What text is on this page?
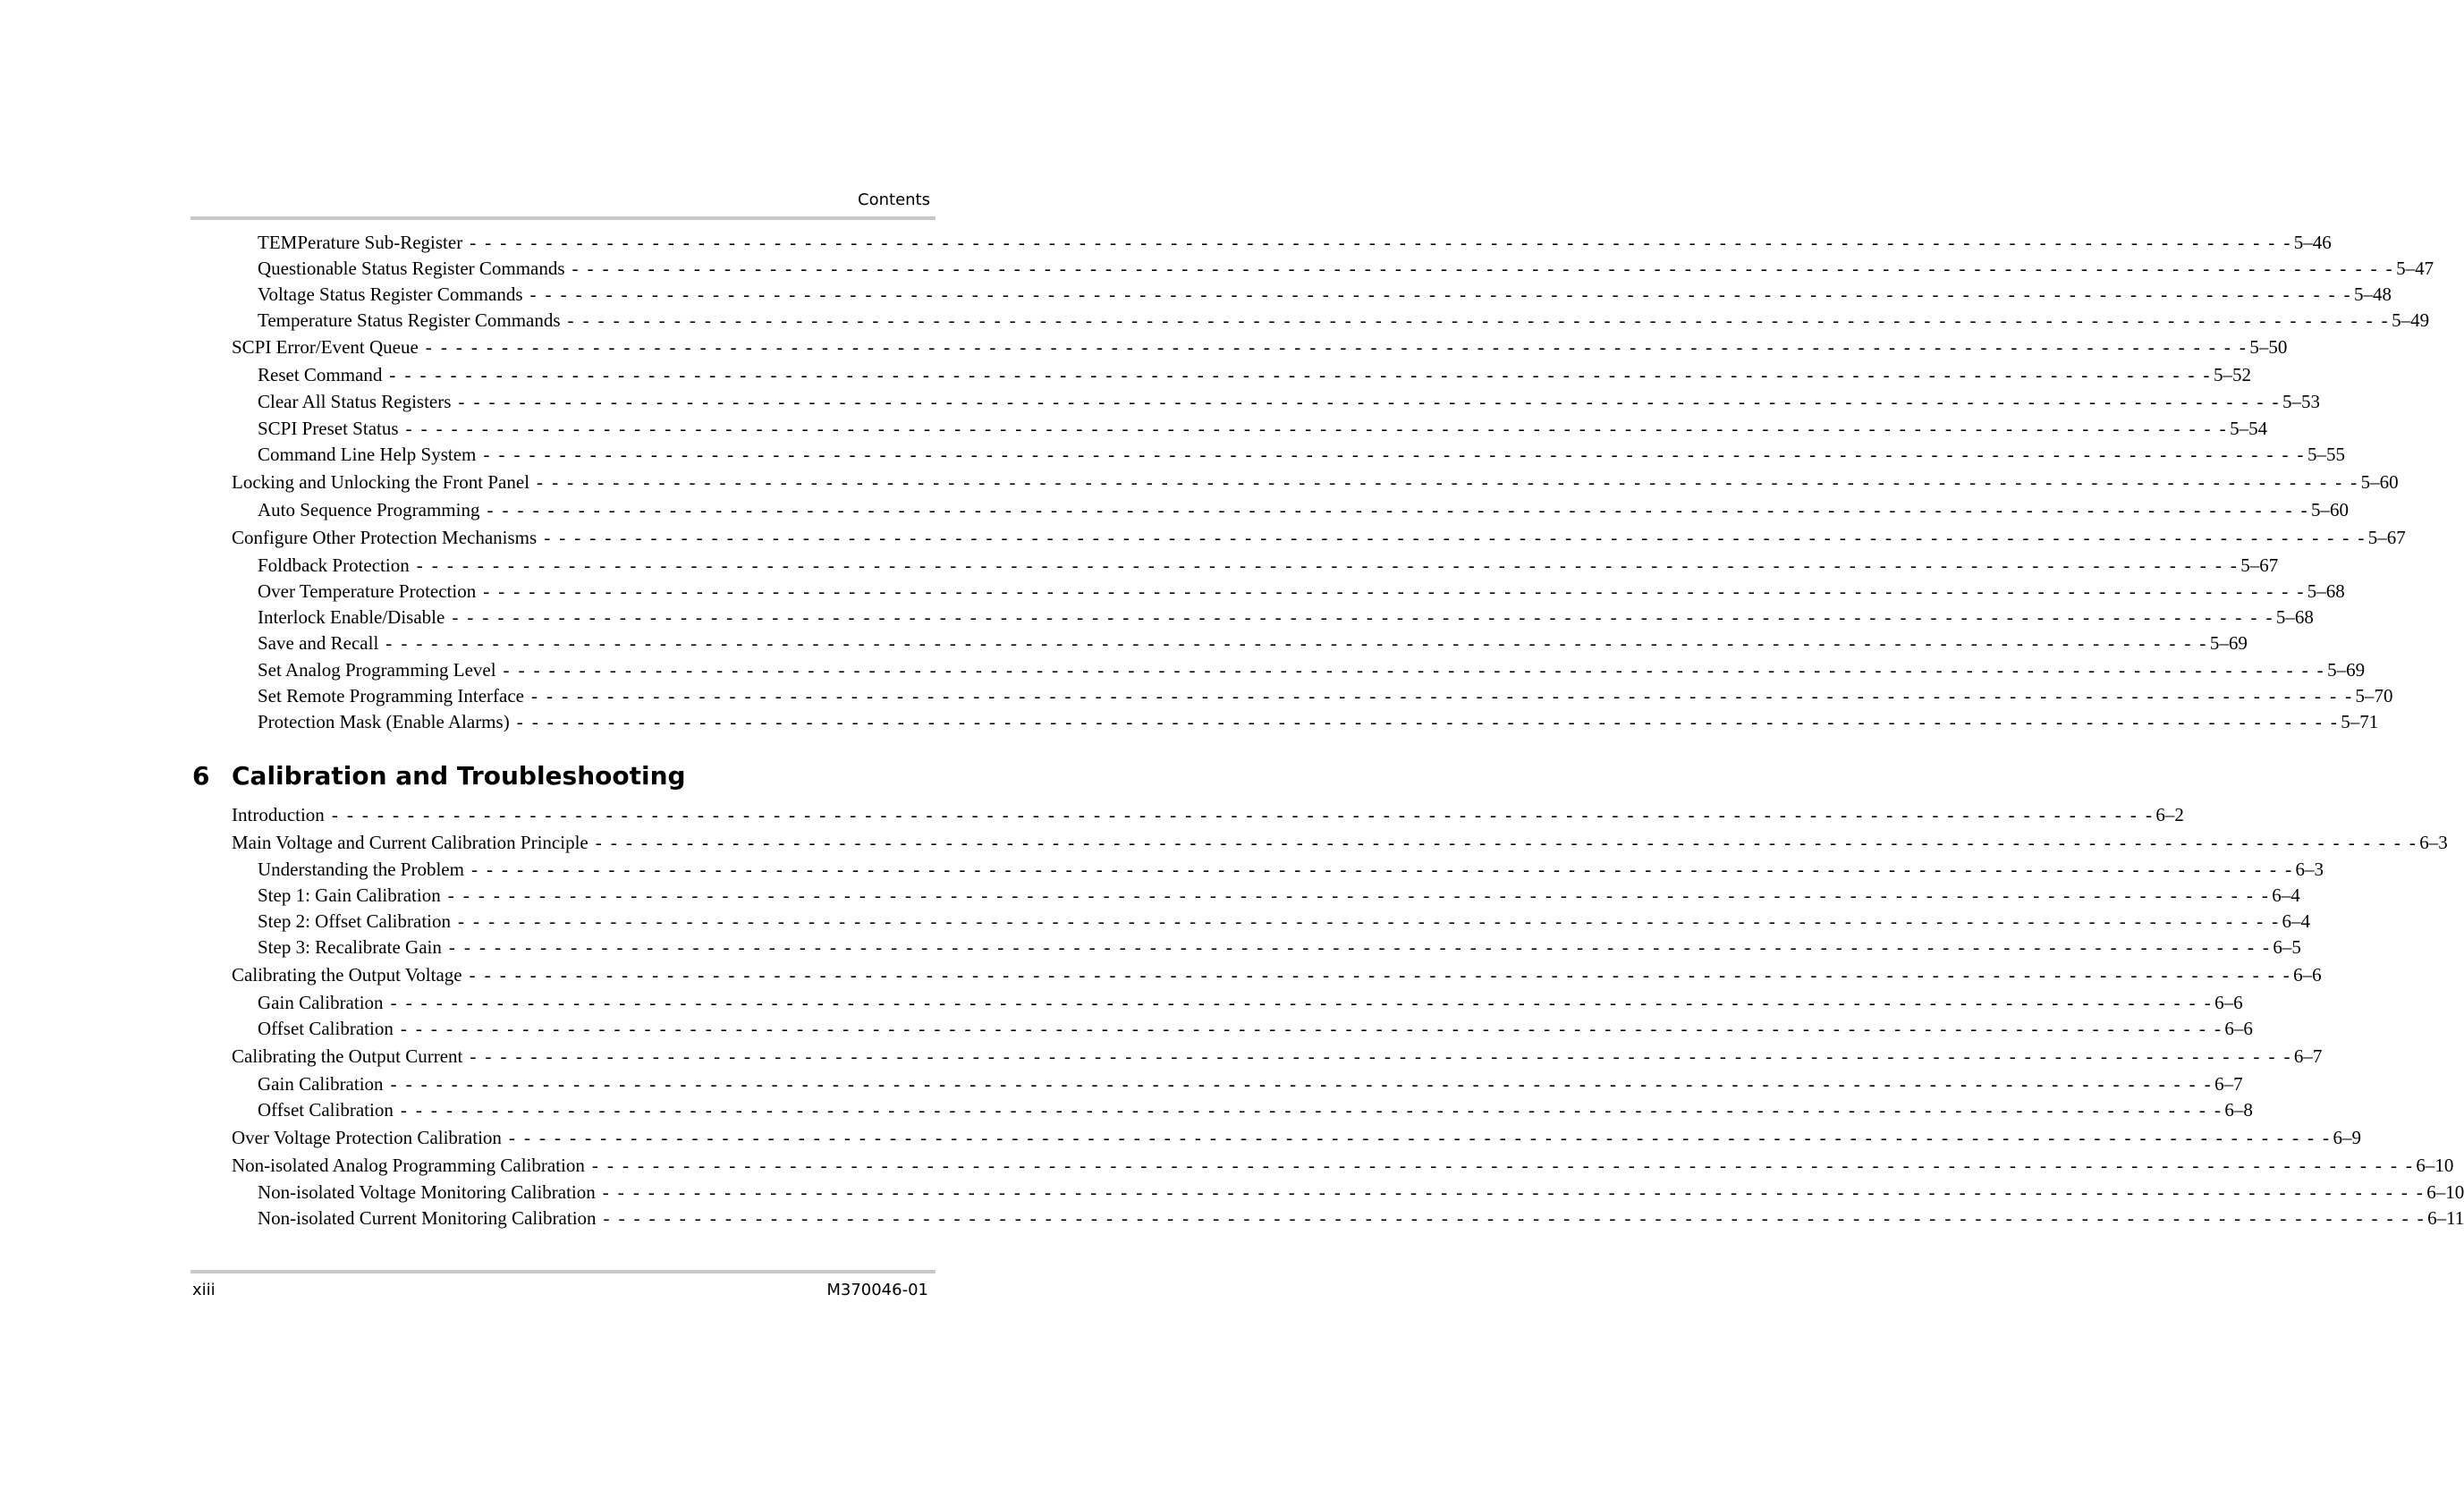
Contents
TEMPerature Sub-Register - - - - - - - - - - - - - - - - - - - - - - - - - - - - - - - - - - - - - - - - - - - - - - - - - - - - - - - - - - - - - - - - - - - - - - - - - - - - - - - - - - - - - - - - - - - - - - - - - - - - - - - - - - - - - - - - - - - - - - - - 5–46
Questionable Status Register Commands - - - - - - - - - - - - - - - - - - - - - - - - - - - - - - - - - - - - - - - - - - - - - - - - - - - - - - - - - - - - - - - - - - - - - - - - - - - - - - - - - - - - - - - - - - - - - - - - - - - - - - - - - - - - - - - - - - - - - - - - 5–47
Voltage Status Register Commands - - - - - - - - - - - - - - - - - - - - - - - - - - - - - - - - - - - - - - - - - - - - - - - - - - - - - - - - - - - - - - - - - - - - - - - - - - - - - - - - - - - - - - - - - - - - - - - - - - - - - - - - - - - - - - - - - - - - - - - - 5–48
Temperature Status Register Commands - - - - - - - - - - - - - - - - - - - - - - - - - - - - - - - - - - - - - - - - - - - - - - - - - - - - - - - - - - - - - - - - - - - - - - - - - - - - - - - - - - - - - - - - - - - - - - - - - - - - - - - - - - - - - - - - - - - - - - - - 5–49
SCPI Error/Event Queue - - - - - - - - - - - - - - - - - - - - - - - - - - - - - - - - - - - - - - - - - - - - - - - - - - - - - - - - - - - - - - - - - - - - - - - - - - - - - - - - - - - - - - - - - - - - - - - - - - - - - - - - - - - - - - - - - - - - - - - - 5–50
Reset Command - - - - - - - - - - - - - - - - - - - - - - - - - - - - - - - - - - - - - - - - - - - - - - - - - - - - - - - - - - - - - - - - - - - - - - - - - - - - - - - - - - - - - - - - - - - - - - - - - - - - - - - - - - - - - - - - - - - - - - - - 5–52
Clear All Status Registers - - - - - - - - - - - - - - - - - - - - - - - - - - - - - - - - - - - - - - - - - - - - - - - - - - - - - - - - - - - - - - - - - - - - - - - - - - - - - - - - - - - - - - - - - - - - - - - - - - - - - - - - - - - - - - - - - - - - - - - - 5–53
SCPI Preset Status - - - - - - - - - - - - - - - - - - - - - - - - - - - - - - - - - - - - - - - - - - - - - - - - - - - - - - - - - - - - - - - - - - - - - - - - - - - - - - - - - - - - - - - - - - - - - - - - - - - - - - - - - - - - - - - - - - - - - - - - 5–54
Command Line Help System - - - - - - - - - - - - - - - - - - - - - - - - - - - - - - - - - - - - - - - - - - - - - - - - - - - - - - - - - - - - - - - - - - - - - - - - - - - - - - - - - - - - - - - - - - - - - - - - - - - - - - - - - - - - - - - - - - - - - - - - 5–55
Locking and Unlocking the Front Panel - - - - - - - - - - - - - - - - - - - - - - - - - - - - - - - - - - - - - - - - - - - - - - - - - - - - - - - - - - - - - - - - - - - - - - - - - - - - - - - - - - - - - - - - - - - - - - - - - - - - - - - - - - - - - - - - - - - - - - - - 5–60
Auto Sequence Programming - - - - - - - - - - - - - - - - - - - - - - - - - - - - - - - - - - - - - - - - - - - - - - - - - - - - - - - - - - - - - - - - - - - - - - - - - - - - - - - - - - - - - - - - - - - - - - - - - - - - - - - - - - - - - - - - - - - - - - - - 5–60
Configure Other Protection Mechanisms - - - - - - - - - - - - - - - - - - - - - - - - - - - - - - - - - - - - - - - - - - - - - - - - - - - - - - - - - - - - - - - - - - - - - - - - - - - - - - - - - - - - - - - - - - - - - - - - - - - - - - - - - - - - - - - - - - - - - - - - 5–67
Foldback Protection - - - - - - - - - - - - - - - - - - - - - - - - - - - - - - - - - - - - - - - - - - - - - - - - - - - - - - - - - - - - - - - - - - - - - - - - - - - - - - - - - - - - - - - - - - - - - - - - - - - - - - - - - - - - - - - - - - - - - - - - 5–67
Over Temperature Protection - - - - - - - - - - - - - - - - - - - - - - - - - - - - - - - - - - - - - - - - - - - - - - - - - - - - - - - - - - - - - - - - - - - - - - - - - - - - - - - - - - - - - - - - - - - - - - - - - - - - - - - - - - - - - - - - - - - - - - - - 5–68
Interlock Enable/Disable - - - - - - - - - - - - - - - - - - - - - - - - - - - - - - - - - - - - - - - - - - - - - - - - - - - - - - - - - - - - - - - - - - - - - - - - - - - - - - - - - - - - - - - - - - - - - - - - - - - - - - - - - - - - - - - - - - - - - - - - 5–68
Save and Recall - - - - - - - - - - - - - - - - - - - - - - - - - - - - - - - - - - - - - - - - - - - - - - - - - - - - - - - - - - - - - - - - - - - - - - - - - - - - - - - - - - - - - - - - - - - - - - - - - - - - - - - - - - - - - - - - - - - - - - - - 5–69
Set Analog Programming Level - - - - - - - - - - - - - - - - - - - - - - - - - - - - - - - - - - - - - - - - - - - - - - - - - - - - - - - - - - - - - - - - - - - - - - - - - - - - - - - - - - - - - - - - - - - - - - - - - - - - - - - - - - - - - - - - - - - - - - - - 5–69
Set Remote Programming Interface - - - - - - - - - - - - - - - - - - - - - - - - - - - - - - - - - - - - - - - - - - - - - - - - - - - - - - - - - - - - - - - - - - - - - - - - - - - - - - - - - - - - - - - - - - - - - - - - - - - - - - - - - - - - - - - - - - - - - - - - 5–70
Protection Mask (Enable Alarms) - - - - - - - - - - - - - - - - - - - - - - - - - - - - - - - - - - - - - - - - - - - - - - - - - - - - - - - - - - - - - - - - - - - - - - - - - - - - - - - - - - - - - - - - - - - - - - - - - - - - - - - - - - - - - - - - - - - - - - - - 5–71
Introduction - - - - - - - - - - - - - - - - - - - - - - - - - - - - - - - - - - - - - - - - - - - - - - - - - - - - - - - - - - - - - - - - - - - - - - - - - - - - - - - - - - - - - - - - - - - - - - - - - - - - - - - - - - - - - - - - - - - - - - - - 6–2
Main Voltage and Current Calibration Principle - - - - - - - - - - - - - - - - - - - - - - - - - - - - - - - - - - - - - - - - - - - - - - - - - - - - - - - - - - - - - - - - - - - - - - - - - - - - - - - - - - - - - - - - - - - - - - - - - - - - - - - - - - - - - - - - - - - - - - - - 6–3
Understanding the Problem - - - - - - - - - - - - - - - - - - - - - - - - - - - - - - - - - - - - - - - - - - - - - - - - - - - - - - - - - - - - - - - - - - - - - - - - - - - - - - - - - - - - - - - - - - - - - - - - - - - - - - - - - - - - - - - - - - - - - - - - 6–3
Step 1: Gain Calibration - - - - - - - - - - - - - - - - - - - - - - - - - - - - - - - - - - - - - - - - - - - - - - - - - - - - - - - - - - - - - - - - - - - - - - - - - - - - - - - - - - - - - - - - - - - - - - - - - - - - - - - - - - - - - - - - - - - - - - - - 6–4
Step 2: Offset Calibration - - - - - - - - - - - - - - - - - - - - - - - - - - - - - - - - - - - - - - - - - - - - - - - - - - - - - - - - - - - - - - - - - - - - - - - - - - - - - - - - - - - - - - - - - - - - - - - - - - - - - - - - - - - - - - - - - - - - - - - - 6–4
Step 3: Recalibrate Gain - - - - - - - - - - - - - - - - - - - - - - - - - - - - - - - - - - - - - - - - - - - - - - - - - - - - - - - - - - - - - - - - - - - - - - - - - - - - - - - - - - - - - - - - - - - - - - - - - - - - - - - - - - - - - - - - - - - - - - - - 6–5
Calibrating the Output Voltage - - - - - - - - - - - - - - - - - - - - - - - - - - - - - - - - - - - - - - - - - - - - - - - - - - - - - - - - - - - - - - - - - - - - - - - - - - - - - - - - - - - - - - - - - - - - - - - - - - - - - - - - - - - - - - - - - - - - - - - - 6–6
Gain Calibration - - - - - - - - - - - - - - - - - - - - - - - - - - - - - - - - - - - - - - - - - - - - - - - - - - - - - - - - - - - - - - - - - - - - - - - - - - - - - - - - - - - - - - - - - - - - - - - - - - - - - - - - - - - - - - - - - - - - - - - - 6–6
Offset Calibration - - - - - - - - - - - - - - - - - - - - - - - - - - - - - - - - - - - - - - - - - - - - - - - - - - - - - - - - - - - - - - - - - - - - - - - - - - - - - - - - - - - - - - - - - - - - - - - - - - - - - - - - - - - - - - - - - - - - - - - - 6–6
Calibrating the Output Current - - - - - - - - - - - - - - - - - - - - - - - - - - - - - - - - - - - - - - - - - - - - - - - - - - - - - - - - - - - - - - - - - - - - - - - - - - - - - - - - - - - - - - - - - - - - - - - - - - - - - - - - - - - - - - - - - - - - - - - - 6–7
Gain Calibration - - - - - - - - - - - - - - - - - - - - - - - - - - - - - - - - - - - - - - - - - - - - - - - - - - - - - - - - - - - - - - - - - - - - - - - - - - - - - - - - - - - - - - - - - - - - - - - - - - - - - - - - - - - - - - - - - - - - - - - - 6–7
Offset Calibration - - - - - - - - - - - - - - - - - - - - - - - - - - - - - - - - - - - - - - - - - - - - - - - - - - - - - - - - - - - - - - - - - - - - - - - - - - - - - - - - - - - - - - - - - - - - - - - - - - - - - - - - - - - - - - - - - - - - - - - - 6–8
Over Voltage Protection Calibration - - - - - - - - - - - - - - - - - - - - - - - - - - - - - - - - - - - - - - - - - - - - - - - - - - - - - - - - - - - - - - - - - - - - - - - - - - - - - - - - - - - - - - - - - - - - - - - - - - - - - - - - - - - - - - - - - - - - - - - - 6–9
Non-isolated Analog Programming Calibration - - - - - - - - - - - - - - - - - - - - - - - - - - - - - - - - - - - - - - - - - - - - - - - - - - - - - - - - - - - - - - - - - - - - - - - - - - - - - - - - - - - - - - - - - - - - - - - - - - - - - - - - - - - - - - - - - - - - - - - - 6–10
Non-isolated Voltage Monitoring Calibration - - - - - - - - - - - - - - - - - - - - - - - - - - - - - - - - - - - - - - - - - - - - - - - - - - - - - - - - - - - - - - - - - - - - - - - - - - - - - - - - - - - - - - - - - - - - - - - - - - - - - - - - - - - - - - - - - - - - - - - - 6–10
Non-isolated Current Monitoring Calibration - - - - - - - - - - - - - - - - - - - - - - - - - - - - - - - - - - - - - - - - - - - - - - - - - - - - - - - - - - - - - - - - - - - - - - - - - - - - - - - - - - - - - - - - - - - - - - - - - - - - - - - - - - - - - - - - - - - - - - - - 6–11
6 Calibration and Troubleshooting
xiii	M370046-01
